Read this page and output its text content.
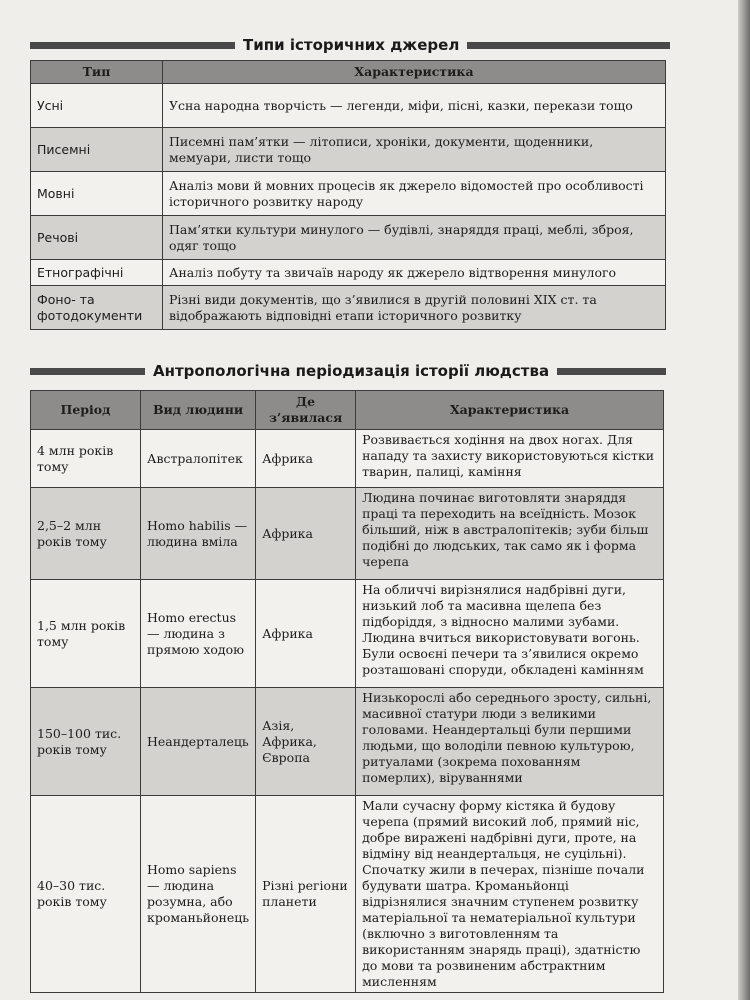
Типи історичних джерел
Тип	Характеристика
Усні	Усна народна творчість — легенди, міфи, пісні, казки, перекази тощо
Писемні	Писемні пам’ятки — літописи, хроніки, документи, щоденники, мемуари, листи тощо
Мовні	Аналіз мови й мовних процесів як джерело відомостей про особливості історичного розвитку народу
Речові	Пам’ятки культури минулого — будівлі, знаряддя праці, меблі, зброя, одяг тощо
Етнографічні	Аналіз побуту та звичаїв народу як джерело відтворення минулого
Фоно- та фотодокументи	Різні види документів, що з’явилися в другій половині XIX ст. та відображають відповідні етапи історичного розвитку
Антропологічна періодизація історії людства
Період	Вид людини	Де з’явилася	Характеристика
4 млн років тому	Австралопітек	Африка	Розвивається ходіння на двох ногах. Для нападу та захисту використовуються кістки тварин, палиці, каміння
2,5–2 млн років тому	Homo habilis — людина вміла	Африка	Людина починає виготовляти знаряддя праці та переходить на всеїдність. Мозок більший, ніж в австралопітеків; зуби більш подібні до людських, так само як і форма черепа
1,5 млн років тому	Homo erectus — людина з прямою ходою	Африка	На обличчі вирізнялися надбрівні дуги, низький лоб та масивна щелепа без підборіддя, з відносно малими зубами. Людина вчиться використовувати вогонь. Були освоєні печери та з’явилися окремо розташовані споруди, обкладені камінням
150–100 тис. років тому	Неандерталець	Азія, Африка, Європа	Низькорослі або середнього зросту, сильні, масивної статури люди з великими головами. Неандертальці були першими людьми, що володіли певною культурою, ритуалами (зокрема похованням померлих), віруваннями
40–30 тис. років тому	Homo sapiens — людина розумна, або кроманьйонець	Різні регіони планети	Мали сучасну форму кістяка й будову черепа (прямий високий лоб, прямий ніс, добре виражені надбрівні дуги, проте, на відміну від неандертальця, не суцільні). Спочатку жили в печерах, пізніше почали будувати шатра. Кроманьйонці відрізнялися значним ступенем розвитку матеріальної та нематеріальної культури (включно з виготовленням та використанням знарядь праці), здатністю до мови та розвиненим абстрактним мисленням
